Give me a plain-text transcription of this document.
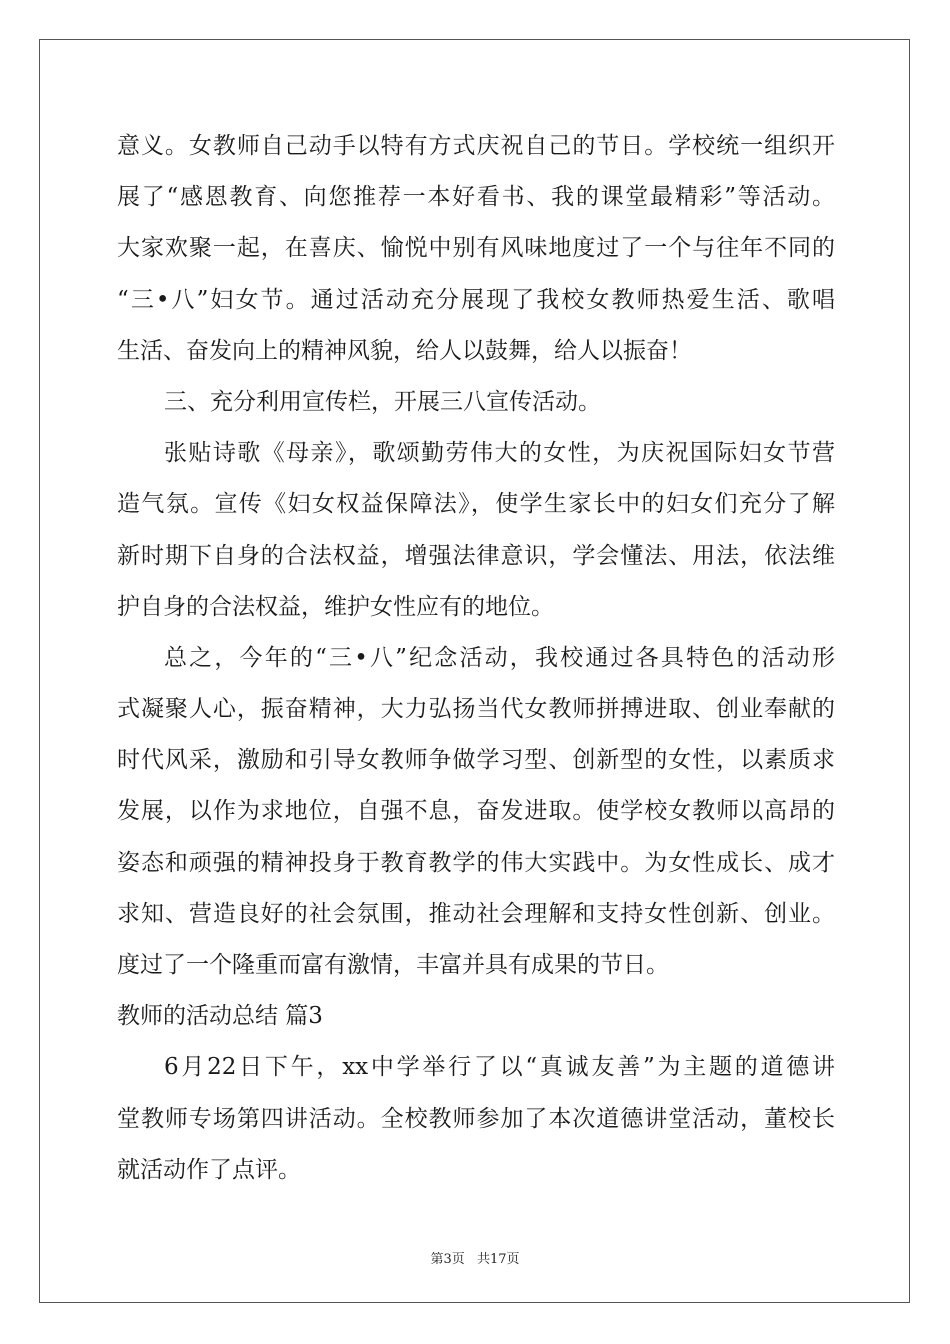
意义。女教师自己动手以特有方式庆祝自己的节日。学校统一组织开
展了“感恩教育、向您推荐一本好看书、我的课堂最精彩”等活动。
大家欢聚一起，在喜庆、愉悦中别有风味地度过了一个与往年不同的
“三•八”妇女节。通过活动充分展现了我校女教师热爱生活、歌唱
生活、奋发向上的精神风貌，给人以鼓舞，给人以振奋！
三、充分利用宣传栏，开展三八宣传活动。
张贴诗歌《母亲》，歌颂勤劳伟大的女性，为庆祝国际妇女节营
造气氛。宣传《妇女权益保障法》，使学生家长中的妇女们充分了解
新时期下自身的合法权益，增强法律意识，学会懂法、用法，依法维
护自身的合法权益，维护女性应有的地位。
总之，今年的“三•八”纪念活动，我校通过各具特色的活动形
式凝聚人心，振奋精神，大力弘扬当代女教师拼搏进取、创业奉献的
时代风采，激励和引导女教师争做学习型、创新型的女性，以素质求
发展，以作为求地位，自强不息，奋发进取。使学校女教师以高昂的
姿态和顽强的精神投身于教育教学的伟大实践中。为女性成长、成才
求知、营造良好的社会氛围，推动社会理解和支持女性创新、创业。
度过了一个隆重而富有激情，丰富并具有成果的节日。
教师的活动总结 篇3
6月22日下午，xx中学举行了以“真诚友善”为主题的道德讲
堂教师专场第四讲活动。全校教师参加了本次道德讲堂活动，董校长
就活动作了点评。
第3页 共17页
